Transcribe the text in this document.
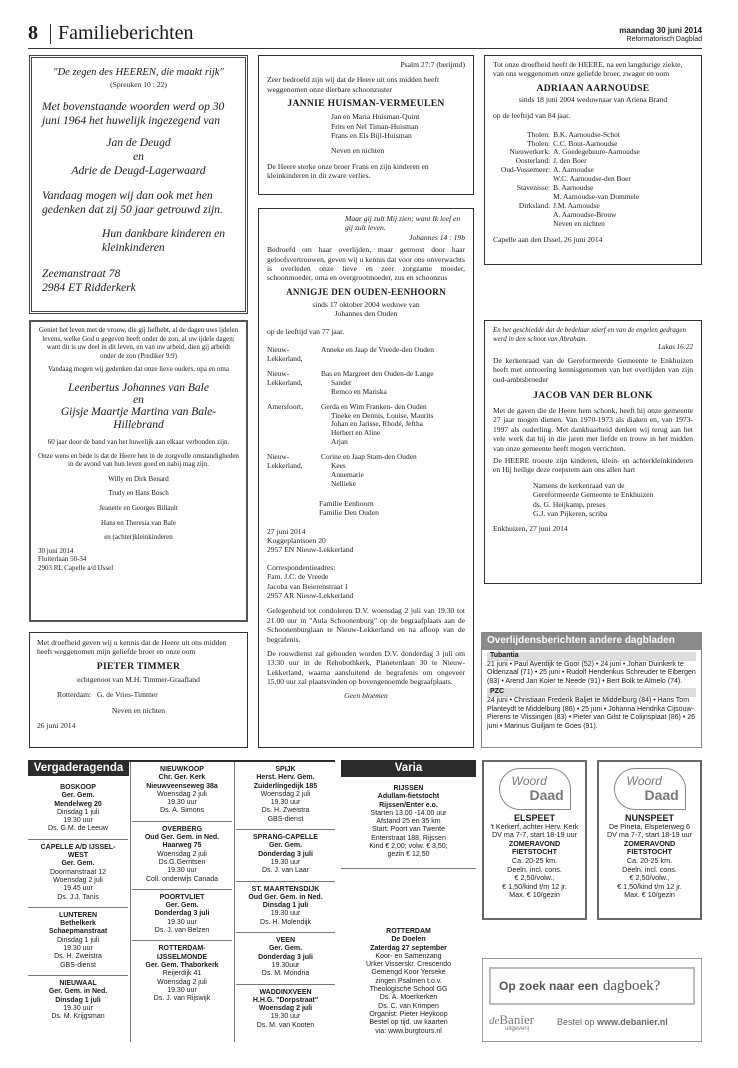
8 Familieberichten	maandag 30 juni 2014
Reformatorisch Dagblad
"De zegen des HEEREN, die maakt rijk"
(Spreuken 10 : 22)
Met bovenstaande woorden werd op 30 juni 1964 het huwelijk ingezegend van
Jan de Deugd
en
Adrie de Deugd-Lagerwaard
Vandaag mogen wij dan ook met hen gedenken dat zij 50 jaar getrouwd zijn.
Hun dankbare kinderen en kleinkinderen
Zeemanstraat 78
2984 ET Ridderkerk
Geniet het leven met de vrouw, die gij liefhebt, al de dagen uws ijdelen levens, welke God u gegeven heeft onder de zon, al uw ijdele dagen; want dit is uw deel in dit leven, en van uw arbeid, dien gij arbeidt onder de zon (Prediker 9:9)
Vandaag mogen wij gedenken dat onze lieve ouders, opa en oma
Leenbertus Johannes van Bale
en
Gijsje Maartje Martina van Bale-Hillebrand
60 jaar door de band van het huwelijk aan elkaar verbonden zijn.
Onze wens en bede is dat de Heere hen in de zorgvolle omstandigheden in de avond van hun leven goed en nabij mag zijn.
Willy en Dirk Benard
Trudy en Hans Bosch
Jeanette en Georges Billault
Hans en Theresia van Bale
en (achter)kleinkinderen
30 juni 2014
Fluiterlaan 50-34
2903 RL Capelle a/d IJssel
Met droefheid geven wij u kennis dat de Heere uit ons midden heeft weggenomen mijn geliefde broer en onze oom
PIETER TIMMER
echtgenoot van M.H. Timmer-Graafland
Rotterdam: G. de Vries-Timmer
Neven en nichten
26 juni 2014
Psalm 27:7 (berijmd)
Zeer bedroefd zijn wij dat de Heere uit ons midden heeft weggenomen onze dierbare schoonzuster
JANNIE HUISMAN-VERMEULEN
Jan en Maria Huisman-Quint
Frits en Nel Timan-Huisman
Frans en Els Bijl-Huisman
Neven en nichten
De Heere sterke onze broer Frans en zijn kinderen en kleinkinderen in dit zware verlies.
Maar gij zult Mij zien; want Ik leef en gij zult leven.
Johannes 14 : 19b
Bedroefd om haar overlijden, maar getroost door haar geloofsvertrouwen, geven wij u kennis dat voor ons onverwachts is overleden onze lieve en zeer zorgzame moeder, schoonmoeder, oma en overgrootmoeder, zus en schoonzus
ANNIGJE DEN OUDEN-EENHOORN
sinds 17 oktober 2004 weduwe van
Johannes den Ouden
op de leeftijd van 77 jaar.
Nieuw-Lekkerland,	Anneke en Jaap de Vreede-den Ouden

Nieuw-Lekkerland,	Bas en Margreet den Ouden-de Lange
Sander
Remco en Mariska

Amersfoort,	Gerda en Wim Franken- den Ouden
Tineke en Dennis, Louise, Maurits
Johan en Jarisse, Rhodé, Jeftha
Herbert en Aline
Arjan

Nieuw-Lekkerland,	Corine en Jaap Stam-den Ouden
Kees
Annemarie
Nellieke
Familie Eenhoorn
Familie Den Ouden
27 juni 2014
Koggeplantsoen 20
2957 EN Nieuw-Lekkerland
Correspondentieadres:
Fam. J.C. de Vreede
Jacoba van Beierenstraat 1
2957 AR Nieuw-Lekkerland
Gelegenheid tot condoleren D.V. woensdag 2 juli van 19.30 tot 21.00 uur in "Aula Schoonenburg" op de begraafplaats aan de Schoonenburglaan te Nieuw-Lekkerland en na afloop van de begrafenis.
De rouwdienst zal gehouden worden D.V. donderdag 3 juli om 13.30 uur in de Rehobothkerk, Planetenlaan 30 te Nieuw-Lekkerland, waarna aansluitend de begrafenis om ongeveer 15.00 uur zal plaatsvinden op bovengenoemde begraafplaats.
Geen bloemen
Tot onze droefheid heeft de HEERE, na een langdurige ziekte, van ons weggenomen onze geliefde broer, zwager en oom
ADRIAAN AARNOUDSE
sinds 18 juni 2004 weduwnaar van Ariena Brand
op de leeftijd van 84 jaar.
Tholen:	B.K. Aarnoudse-Schot
Tholen:	C.C. Bout-Aarnoudse
Nieuwerkerk:	A. Goedegebuure-Aarnoudse
Oosterland:	J. den Boer
Oud-Vossemeer:	A. Aarnoudse
	W.C. Aarnoudse-den Boer
Stavenisse:	B. Aarnoudse
	M. Aarnoudse-van Dommele
Dirksland:	J.M. Aarnoudse
	A. Aarnoudse-Brouw
	Neven en nichten
Capelle aan den IJssel, 26 juni 2014
En het geschiedde dat de bedelaar stierf en van de engelen gedragen werd in den schoot van Abraham.
Lukas 16:22
De kerkenraad van de Gereformeerde Gemeente te Enkhuizen heeft met ontroering kennisgenomen van het overlijden van zijn oud-ambtsbroeder
JACOB VAN DER BLONK
Met de gaven die de Heere hem schonk, heeft hij onze gemeente 27 jaar mogen dienen. Van 1970-1973 als diaken en, van 1973-1997 als ouderling. Met dankbaarheid denken wij terug aan het vele werk dat hij in die jaren met liefde en trouw in het midden van onze gemeente heeft mogen verrichten.
De HEERE trooste zijn kinderen, klein- en achterkleinkinderen en Hij heilige deze roepstem aan ons allen hart
Namens de kerkenraad van de
Gereformeerde Gemeente te Enkhuizen
ds. G. Heijkamp, preses
G.J. van Pijkeren, scriba
Enkhuizen, 27 juni 2014
Overlijdensberichten andere dagbladen
Tubantia
21 juni • Paul Averdijk te Goor (52) • 24 juni • Johan Duinkerk te Oldenzaal (71) • 25 juni • Rudolf Henderikus Schreuder te Eibergen (83) • Arend Jan Koier te Neede (91) • Bert Bolk te Almelo (74).
PZC
24 juni • Christiaan Frederik Baljet te Middelburg (84) • Hans Tom Planteydt te Middelburg (86) • 25 juni • Johanna Hendrika Cijsouw-Pierens te Vlissingen (83) • Pieter van Gilst te Colijnsplaat (86) • 26 juni • Marinus Guiljam te Goes (91).
Vergaderagenda
BOSKOOP
Ger. Gem.
Mendelweg 20
Dinsdag 1 juli
19.30 uur
Ds. G.M. de Leeuw
CAPELLE A/D IJSSEL-
WEST
Ger. Gem.
Doormanstraat 12
Woensdag 2 juli
19.45 uur
Ds. J.J. Tanis
LUNTEREN
Bethelkerk
Schaepmanstraat
Dinsdag 1 juli
19.30 uur
Ds. H. Zweistra
GBS-dienst
NIEUWAAL
Ger. Gem. in Ned.
Dinsdag 1 juli
19.30 uur
Ds. M. Krijgsman
NIEUWKOOP
Chr. Ger. Kerk
Nieuwveenseweg 38a
Woensdag 2 juli
19.30 uur
Ds. A. Simons
OVERBERG
Oud Ger. Gem. in Ned.
Haarweg 75
Woensdag 2 juli
Ds.G.Gerritsen
19.30 uur
Coll. onderwijs Canada
POORTVLIET
Ger. Gem.
Donderdag 3 juli
19.30 uur
Ds. J. van Belzen
ROTTERDAM-
IJSSELMONDE
Ger. Gem. Thaborkerk
Reijerdijk 41
Woensdag 2 juli
19.30 uur
Ds. J. van Rijswijk
SPIJK
Herst. Herv. Gem.
Zuiderlingedijk 185
Woensdag 2 juli
19.30 uur
Ds. H. Zweistra
GBS-dienst
SPRANG-CAPELLE
Ger. Gem.
Donderdag 3 juli
19.30 uur
Ds. J. van Laar
ST. MAARTENSDIJK
Oud Ger. Gem. in Ned.
Dinsdag 1 juli
19.30 uur
Ds. H. Molendijk
VEEN
Ger. Gem.
Donderdag 3 juli
19.30uur
Ds. M. Mondria
WADDINXVEEN
H.H.G. "Dorpstraat"
Woensdag 2 juli
19.30 uur
Ds. M. van Kooten
Varia
RIJSSEN
Adullam-fietstocht
Rijssen/Enter e.o.
Starten 13.00 -14.00 uur
Afstand 25 en 35 km
Start: Poort van Twente
Enterstraat 188, Rijssen
Kind € 2,00; volw. € 3,50;
gezin € 12,50
ROTTERDAM
De Doelen
Zaterdag 27 september
Koor- en Samenzang
Urker Visserskr. Crescendo
Gemengd Koor Yerseke
zingen Psalmen t.o.v.
Theologische School GG
Ds. A. Moerkerken
Ds. C. van Krimpen
Organist: Pieter Heykoop
Bestel op tijd. uw kaarten
via: www.burgtours.nl
Woord
Daad
ELSPEET
't Kerkerf, achter Herv. Kerk
DV ma 7-7, start 18-19 uur
ZOMERAVOND
FIETSTOCHT
Ca. 20-25 km.
Deeln. incl. cons.
€ 2,50/volw.,
€ 1,50/kind t/m 12 jr.
Max. € 10/gezin
Woord
Daad
NUNSPEET
De Pineta, Elspeterweg 6
DV ma 7-7, start 18-19 uur
ZOMERAVOND
FIETSTOCHT
Ca. 20-25 km.
Deeln. incl. cons.
€ 2,50/volw.,
€ 1,50/kind t/m 12 jr.
Max. € 10/gezin
Op zoek naar een dagboek?
deBanier
uitgeverij
Bestel op www.debanier.nl
